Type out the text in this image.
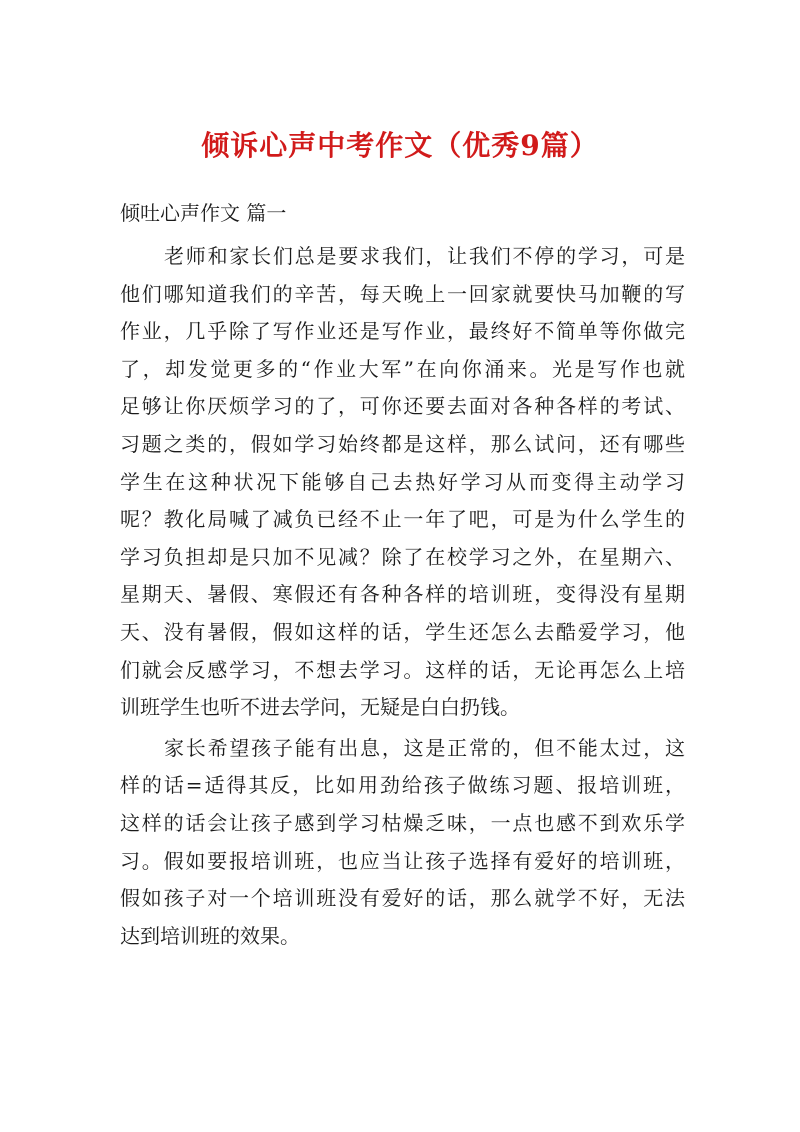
倾诉心声中考作文（优秀9篇）
倾吐心声作文 篇一
老师和家长们总是要求我们，让我们不停的学习，可是
他们哪知道我们的辛苦，每天晚上一回家就要快马加鞭的写
作业，几乎除了写作业还是写作业，最终好不简单等你做完
了，却发觉更多的“作业大军”在向你涌来。光是写作也就
足够让你厌烦学习的了，可你还要去面对各种各样的考试、
习题之类的，假如学习始终都是这样，那么试问，还有哪些
学生在这种状况下能够自己去热好学习从而变得主动学习
呢？教化局喊了减负已经不止一年了吧，可是为什么学生的
学习负担却是只加不见减？除了在校学习之外，在星期六、
星期天、暑假、寒假还有各种各样的培训班，变得没有星期
天、没有暑假，假如这样的话，学生还怎么去酷爱学习，他
们就会反感学习，不想去学习。这样的话，无论再怎么上培
训班学生也听不进去学问，无疑是白白扔钱。
家长希望孩子能有出息，这是正常的，但不能太过，这
样的话=适得其反，比如用劲给孩子做练习题、报培训班，
这样的话会让孩子感到学习枯燥乏味，一点也感不到欢乐学
习。假如要报培训班，也应当让孩子选择有爱好的培训班，
假如孩子对一个培训班没有爱好的话，那么就学不好，无法
达到培训班的效果。
